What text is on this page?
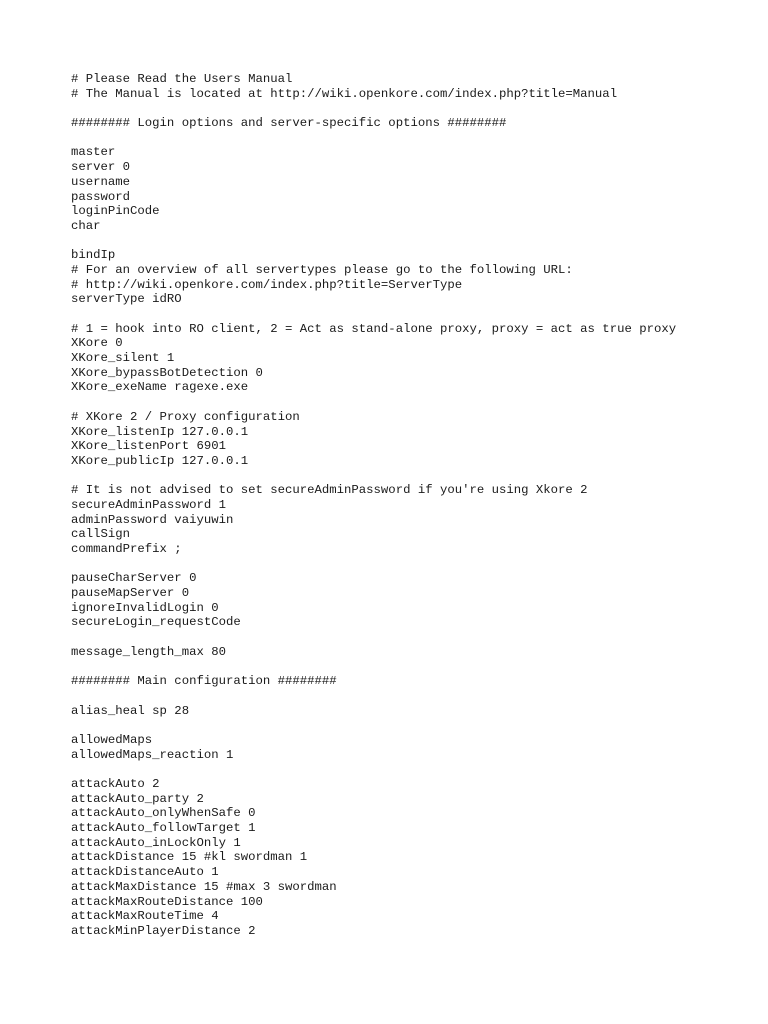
# Please Read the Users Manual
# The Manual is located at http://wiki.openkore.com/index.php?title=Manual
######## Login options and server-specific options ########
master
server 0
username
password
loginPinCode
char
bindIp
# For an overview of all servertypes please go to the following URL:
# http://wiki.openkore.com/index.php?title=ServerType
serverType idRO
# 1 = hook into RO client, 2 = Act as stand-alone proxy, proxy = act as true proxy
XKore 0
XKore_silent 1
XKore_bypassBotDetection 0
XKore_exeName ragexe.exe
# XKore 2 / Proxy configuration
XKore_listenIp 127.0.0.1
XKore_listenPort 6901
XKore_publicIp 127.0.0.1
# It is not advised to set secureAdminPassword if you're using Xkore 2
secureAdminPassword 1
adminPassword vaiyuwin
callSign
commandPrefix ;
pauseCharServer 0
pauseMapServer 0
ignoreInvalidLogin 0
secureLogin_requestCode
message_length_max 80
######## Main configuration ########
alias_heal sp 28
allowedMaps
allowedMaps_reaction 1
attackAuto 2
attackAuto_party 2
attackAuto_onlyWhenSafe 0
attackAuto_followTarget 1
attackAuto_inLockOnly 1
attackDistance 15 #kl swordman 1
attackDistanceAuto 1
attackMaxDistance 15 #max 3 swordman
attackMaxRouteDistance 100
attackMaxRouteTime 4
attackMinPlayerDistance 2
